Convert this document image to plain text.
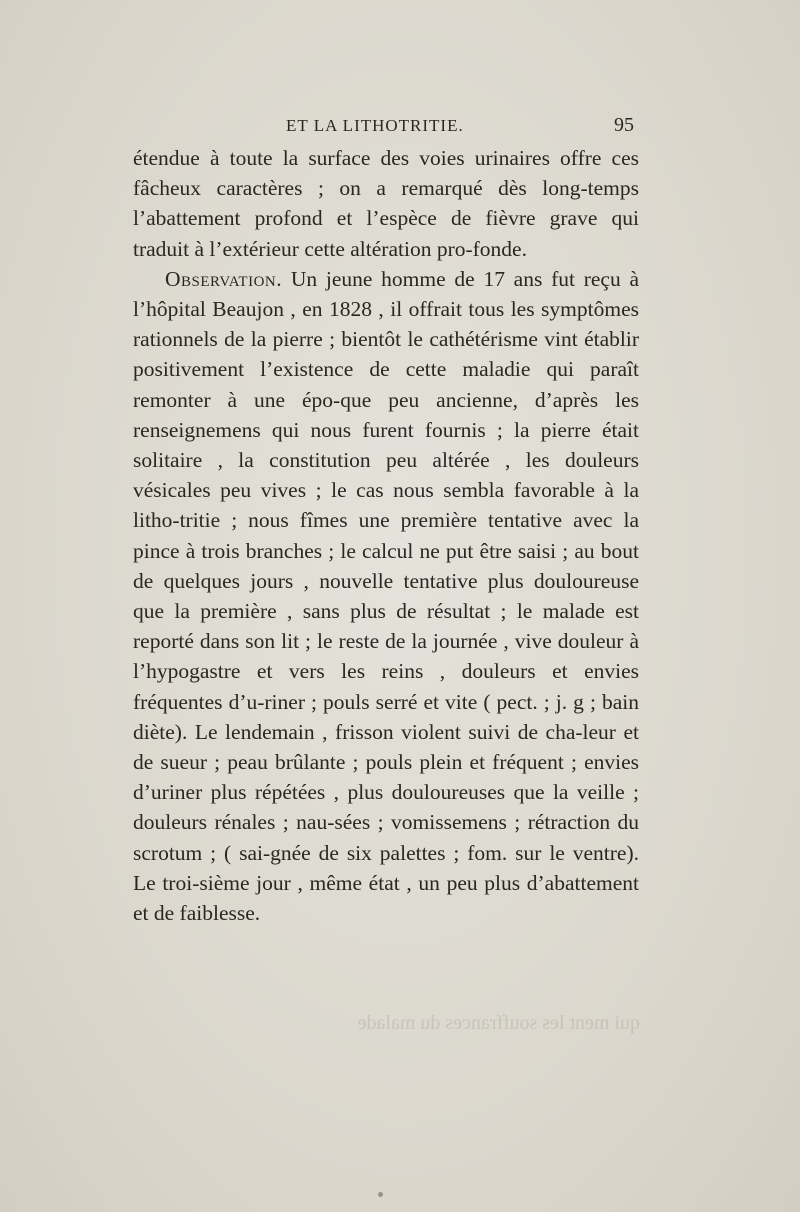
ET LA LITHOTRITIE.	95

étendue à toute la surface des voies urinaires offre ces fâcheux caractères ; on a remarqué dès long-temps l’abattement profond et l’espèce de fièvre grave qui traduit à l’extérieur cette altération pro-fonde.

Observation. Un jeune homme de 17 ans fut reçu à l’hôpital Beaujon , en 1828 , il offrait tous les symptômes rationnels de la pierre ; bientôt le cathétérisme vint établir positivement l’existence de cette maladie qui paraît remonter à une épo-que peu ancienne, d’après les renseignemens qui nous furent fournis ; la pierre était solitaire , la constitution peu altérée , les douleurs vésicales peu vives ; le cas nous sembla favorable à la litho-tritie ; nous fîmes une première tentative avec la pince à trois branches ; le calcul ne put être saisi ; au bout de quelques jours , nouvelle tentative plus douloureuse que la première , sans plus de résultat ; le malade est reporté dans son lit ; le reste de la journée , vive douleur à l’hypogastre et vers les reins , douleurs et envies fréquentes d’u-riner ; pouls serré et vite ( pect. ; j. g ; bain diète). Le lendemain , frisson violent suivi de cha-leur et de sueur ; peau brûlante ; pouls plein et fréquent ; envies d’uriner plus répétées , plus douloureuses que la veille ; douleurs rénales ; nau-sées ; vomissemens ; rétraction du scrotum ; ( sai-gnée de six palettes ; fom. sur le ventre). Le troi-sième jour , même état , un peu plus d’abattement et de faiblesse.

qui ment les souffrances du malade
